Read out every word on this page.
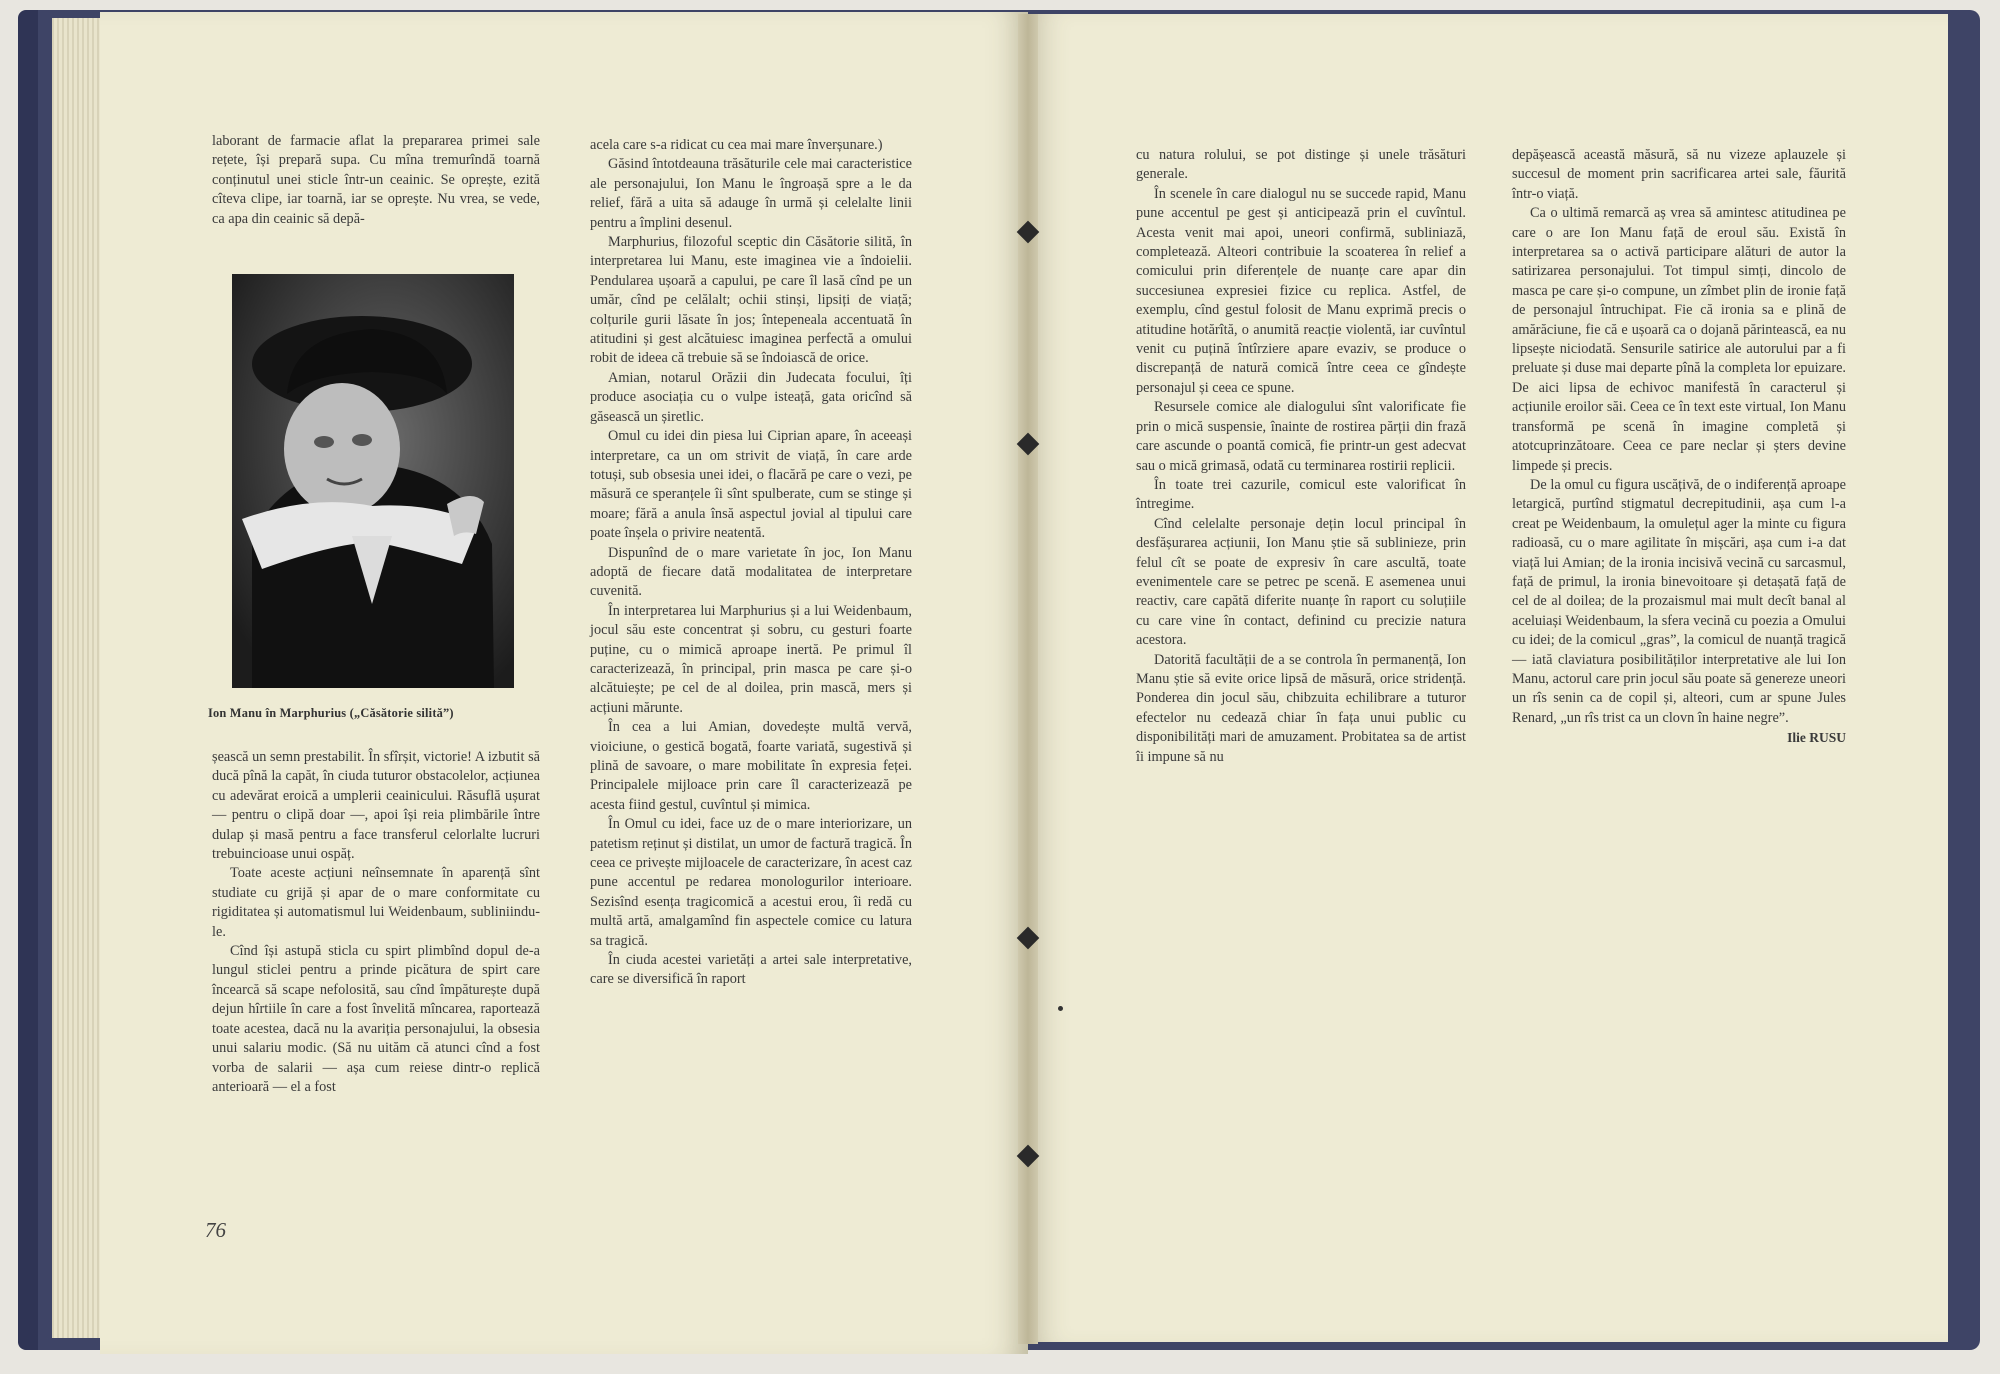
laborant de farmacie aflat la prepararea primei sale rețete, își prepară supa. Cu mîna tremurîndă toarnă conținutul unei sticle într-un ceainic. Se oprește, ezită cîteva clipe, iar toarnă, iar se oprește. Nu vrea, se vede, ca apa din ceainic să depă-

Ion Manu în Marphurius („Căsătorie silită”)

șească un semn prestabilit. În sfîrșit, victorie! A izbutit să ducă pînă la capăt, în ciuda tuturor obstacolelor, acțiunea cu adevărat eroică a umplerii ceainicului. Răsuflă ușurat — pentru o clipă doar —, apoi își reia plimbările între dulap și masă pentru a face transferul celorlalte lucruri trebuincioase unui ospăț.

Toate aceste acțiuni neînsemnate în aparență sînt studiate cu grijă și apar de o mare conformitate cu rigiditatea și automatismul lui Weidenbaum, subliniindu-le.

Cînd își astupă sticla cu spirt plimbînd dopul de-a lungul sticlei pentru a prinde picătura de spirt care încearcă să scape nefolosită, sau cînd împăturește după dejun hîrtiile în care a fost învelită mîncarea, raportează toate acestea, dacă nu la avariția personajului, la obsesia unui salariu modic. (Să nu uităm că atunci cînd a fost vorba de salarii — așa cum reiese dintr-o replică anterioară — el a fost

acela care s-a ridicat cu cea mai mare înverșunare.)

Găsind întotdeauna trăsăturile cele mai caracteristice ale personajului, Ion Manu le îngroașă spre a le da relief, fără a uita să adauge în urmă și celelalte linii pentru a împlini desenul.

Marphurius, filozoful sceptic din Căsătorie silită, în interpretarea lui Manu, este imaginea vie a îndoielii. Pendularea ușoară a capului, pe care îl lasă cînd pe un umăr, cînd pe celălalt; ochii stinși, lipsiți de viață; colțurile gurii lăsate în jos; întepeneala accentuată în atitudini și gest alcătuiesc imaginea perfectă a omului robit de ideea că trebuie să se îndoiască de orice.

Amian, notarul Orăzii din Judecata focului, îți produce asociația cu o vulpe isteață, gata oricînd să găsească un șiretlic.

Omul cu idei din piesa lui Ciprian apare, în aceeași interpretare, ca un om strivit de viață, în care arde totuși, sub obsesia unei idei, o flacără pe care o vezi, pe măsură ce speranțele îi sînt spulberate, cum se stinge și moare; fără a anula însă aspectul jovial al tipului care poate înșela o privire neatentă.

Dispunînd de o mare varietate în joc, Ion Manu adoptă de fiecare dată modalitatea de interpretare cuvenită.

În interpretarea lui Marphurius și a lui Weidenbaum, jocul său este concentrat și sobru, cu gesturi foarte puține, cu o mimică aproape inertă. Pe primul îl caracterizează, în principal, prin masca pe care și-o alcătuiește; pe cel de al doilea, prin mască, mers și acțiuni mărunte.

În cea a lui Amian, dovedește multă vervă, vioiciune, o gestică bogată, foarte variată, sugestivă și plină de savoare, o mare mobilitate în expresia feței. Principalele mijloace prin care îl caracterizează pe acesta fiind gestul, cuvîntul și mimica.

În Omul cu idei, face uz de o mare interiorizare, un patetism reținut și distilat, un umor de factură tragică. În ceea ce privește mijloacele de caracterizare, în acest caz pune accentul pe redarea monologurilor interioare. Sezisînd esența tragicomică a acestui erou, îi redă cu multă artă, amalgamînd fin aspectele comice cu latura sa tragică.

În ciuda acestei varietăți a artei sale interpretative, care se diversifică în raport

76

cu natura rolului, se pot distinge și unele trăsături generale.

În scenele în care dialogul nu se succede rapid, Manu pune accentul pe gest și anticipează prin el cuvîntul. Acesta venit mai apoi, uneori confirmă, subliniază, completează. Alteori contribuie la scoaterea în relief a comicului prin diferențele de nuanțe care apar din succesiunea expresiei fizice cu replica. Astfel, de exemplu, cînd gestul folosit de Manu exprimă precis o atitudine hotărîtă, o anumită reacție violentă, iar cuvîntul venit cu puțină întîrziere apare evaziv, se produce o discrepanță de natură comică între ceea ce gîndește personajul și ceea ce spune.

Resursele comice ale dialogului sînt valorificate fie prin o mică suspensie, înainte de rostirea părții din frază care ascunde o poantă comică, fie printr-un gest adecvat sau o mică grimasă, odată cu terminarea rostirii replicii.

În toate trei cazurile, comicul este valorificat în întregime.

Cînd celelalte personaje dețin locul principal în desfășurarea acțiunii, Ion Manu știe să sublinieze, prin felul cît se poate de expresiv în care ascultă, toate evenimentele care se petrec pe scenă. E asemenea unui reactiv, care capătă diferite nuanțe în raport cu soluțiile cu care vine în contact, definind cu precizie natura acestora.

Datorită facultății de a se controla în permanență, Ion Manu știe să evite orice lipsă de măsură, orice stridență. Ponderea din jocul său, chibzuita echilibrare a tuturor efectelor nu cedează chiar în fața unui public cu disponibilități mari de amuzament. Probitatea sa de artist îi impune să nu

depășească această măsură, să nu vizeze aplauzele și succesul de moment prin sacrificarea artei sale, făurită într-o viață.

Ca o ultimă remarcă aș vrea să amintesc atitudinea pe care o are Ion Manu față de eroul său. Există în interpretarea sa o activă participare alături de autor la satirizarea personajului. Tot timpul simți, dincolo de masca pe care și-o compune, un zîmbet plin de ironie față de personajul întruchipat. Fie că ironia sa e plină de amărăciune, fie că e ușoară ca o dojană părintească, ea nu lipsește niciodată. Sensurile satirice ale autorului par a fi preluate și duse mai departe pînă la completa lor epuizare. De aici lipsa de echivoc manifestă în caracterul și acțiunile eroilor săi. Ceea ce în text este virtual, Ion Manu transformă pe scenă în imagine completă și atotcuprinzătoare. Ceea ce pare neclar și șters devine limpede și precis.

De la omul cu figura uscățivă, de o indiferență aproape letargică, purtînd stigmatul decrepitudinii, așa cum l-a creat pe Weidenbaum, la omulețul ager la minte cu figura radioasă, cu o mare agilitate în mișcări, așa cum i-a dat viață lui Amian; de la ironia incisivă vecină cu sarcasmul, față de primul, la ironia binevoitoare și detașată față de cel de al doilea; de la prozaismul mai mult decît banal al aceluiași Weidenbaum, la sfera vecină cu poezia a Omului cu idei; de la comicul „gras”, la comicul de nuanță tragică — iată claviatura posibilităților interpretative ale lui Ion Manu, actorul care prin jocul său poate să genereze uneori un rîs senin ca de copil și, alteori, cum ar spune Jules Renard, „un rîs trist ca un clovn în haine negre”.

Ilie RUSU
